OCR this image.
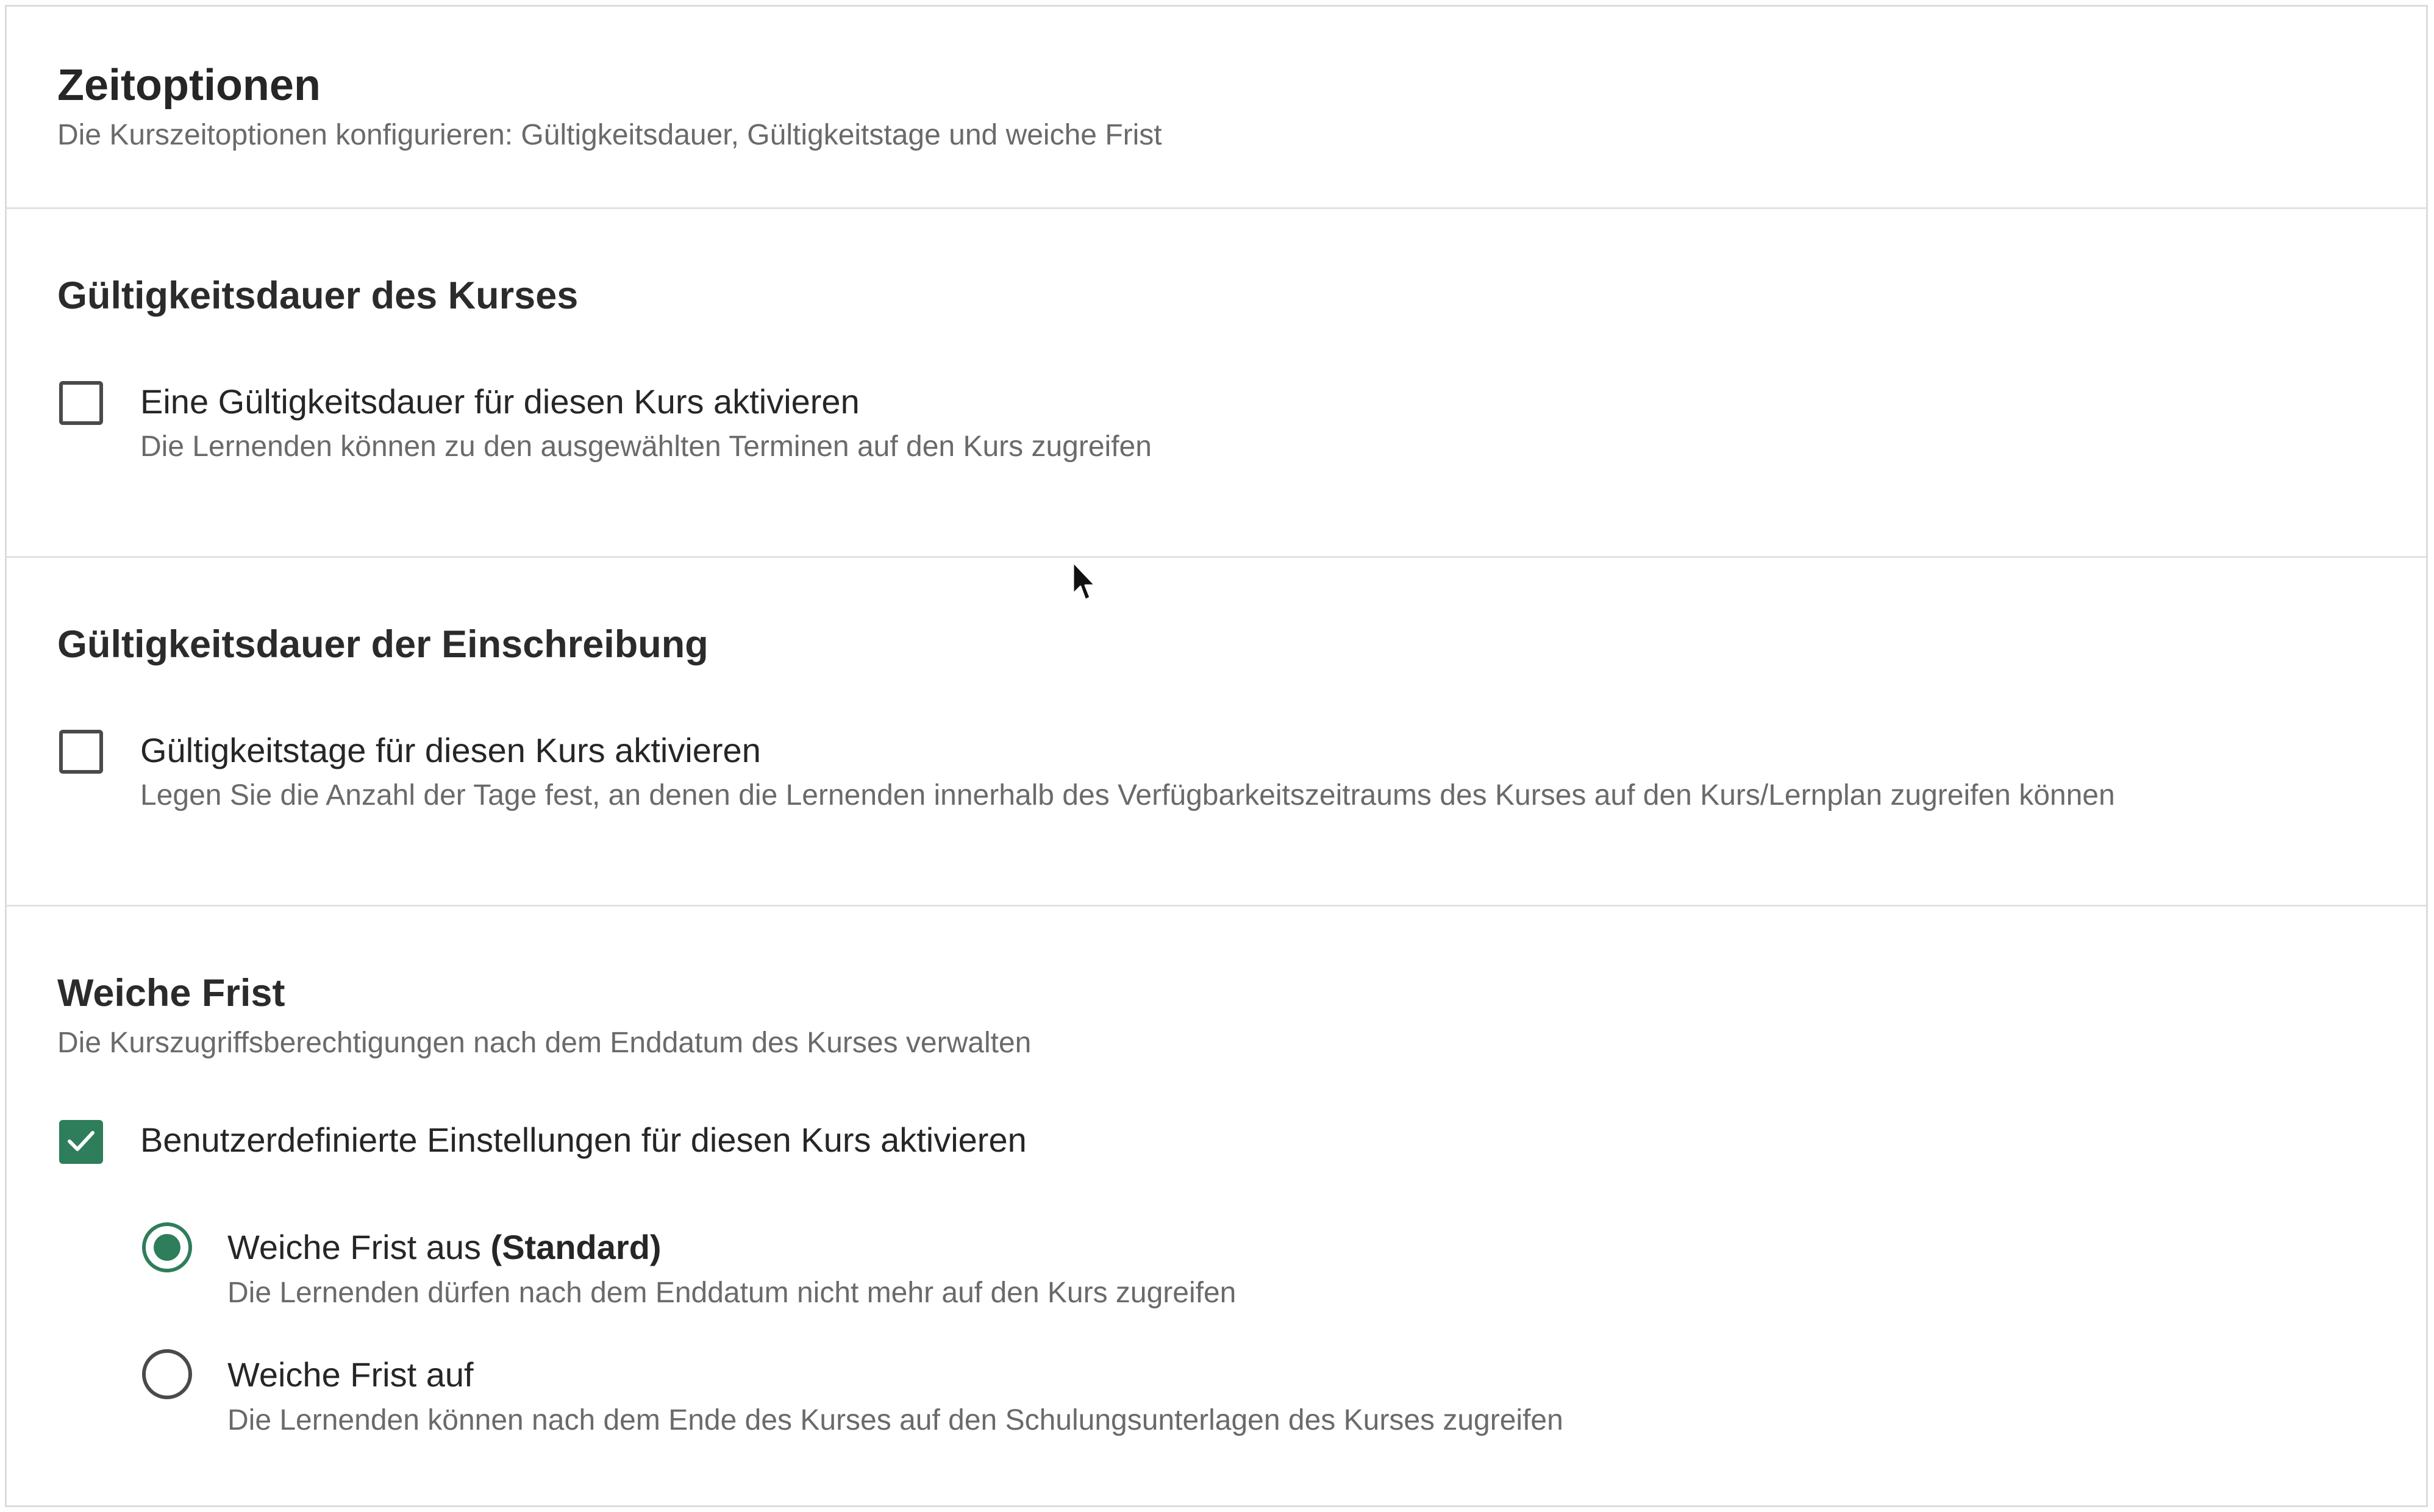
Zeitoptionen
Die Kurszeitoptionen konfigurieren: Gültigkeitsdauer, Gültigkeitstage und weiche Frist
Gültigkeitsdauer des Kurses
Eine Gültigkeitsdauer für diesen Kurs aktivieren
Die Lernenden können zu den ausgewählten Terminen auf den Kurs zugreifen
Gültigkeitsdauer der Einschreibung
Gültigkeitstage für diesen Kurs aktivieren
Legen Sie die Anzahl der Tage fest, an denen die Lernenden innerhalb des Verfügbarkeitszeitraums des Kurses auf den Kurs/Lernplan zugreifen können
Weiche Frist
Die Kurszugriffsberechtigungen nach dem Enddatum des Kurses verwalten
Benutzerdefinierte Einstellungen für diesen Kurs aktivieren
Weiche Frist aus (Standard)
Die Lernenden dürfen nach dem Enddatum nicht mehr auf den Kurs zugreifen
Weiche Frist auf
Die Lernenden können nach dem Ende des Kurses auf den Schulungsunterlagen des Kurses zugreifen
